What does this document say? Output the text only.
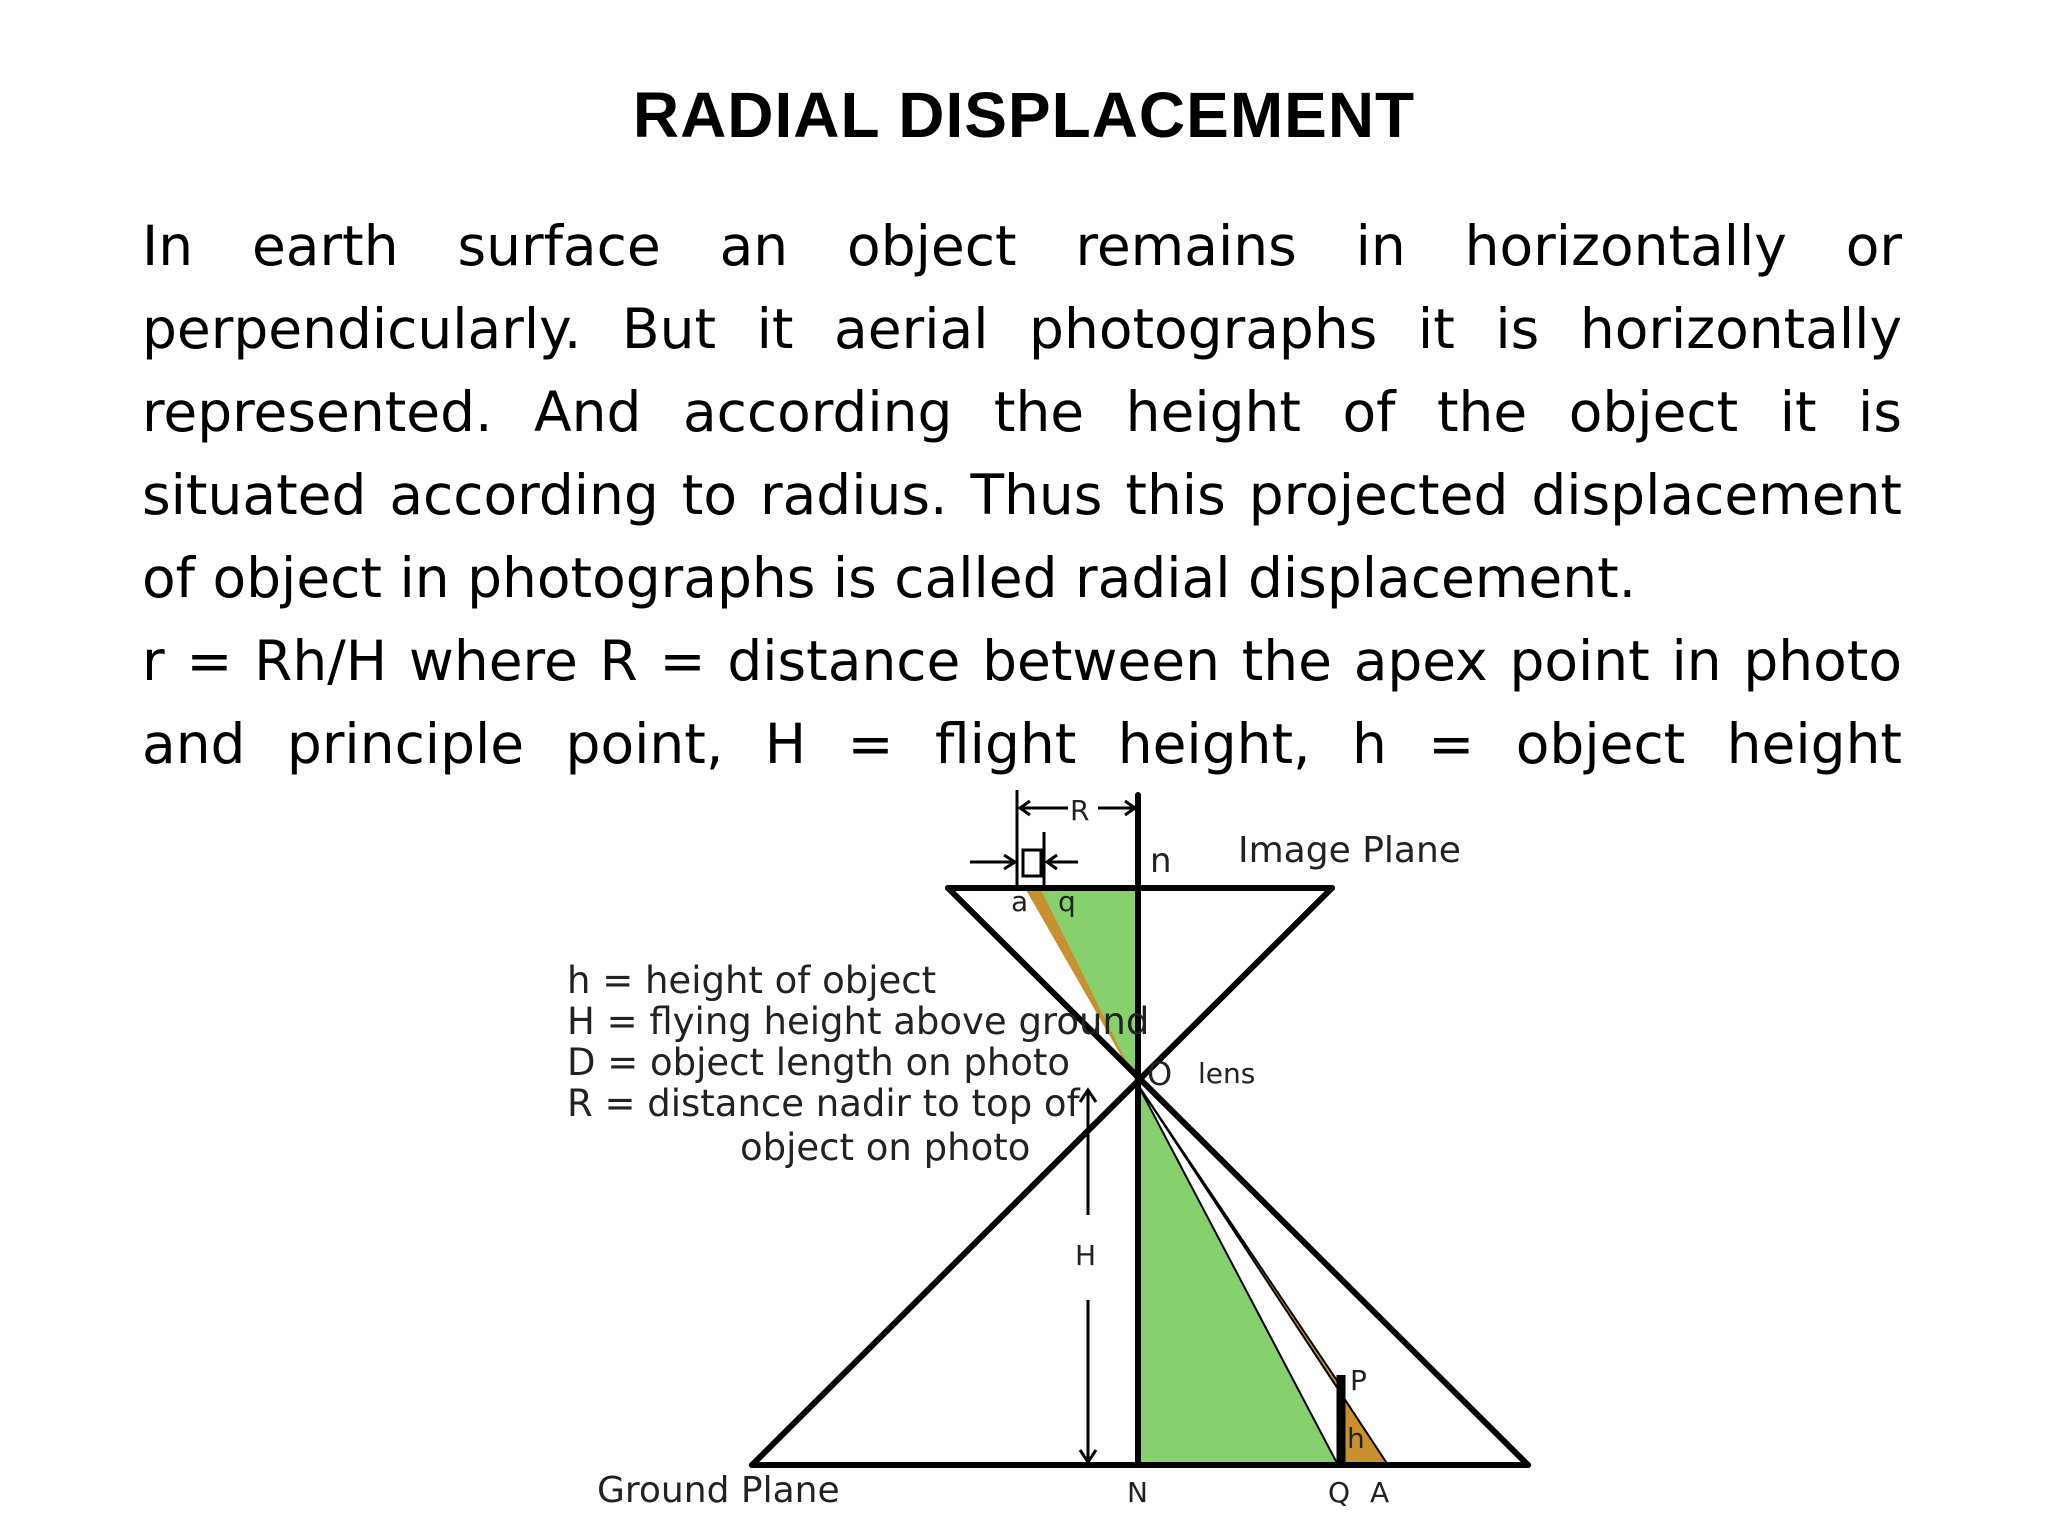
RADIAL DISPLACEMENT

In earth surface an object remains in horizontally or perpendicularly. But it aerial photographs it is horizontally represented. And according the height of the object it is situated according to radius. Thus this projected displacement of object in photographs is called radial displacement.

r = Rh/H where R = distance between the apex point in photo and principle point, H = flight height, h = object height

R
n Image Plane
a q
h = height of object
H = flying height above ground
D = object length on photo
R = distance nadir to top of
object on photo
O lens
H
P
h
Ground Plane	N	Q A
